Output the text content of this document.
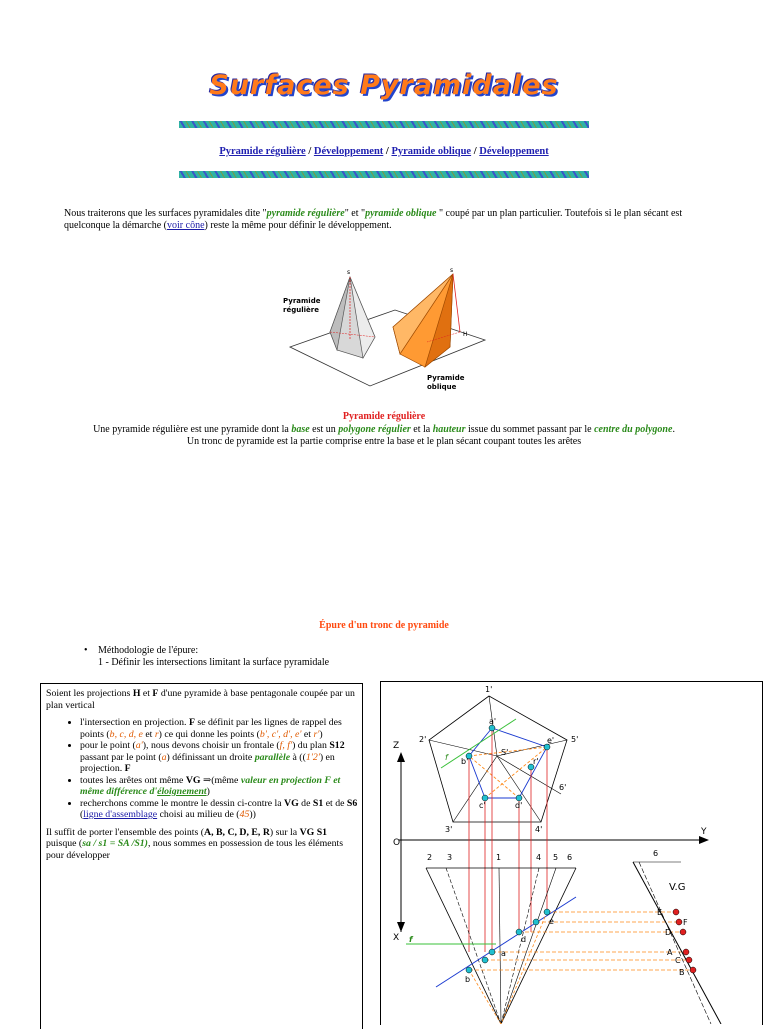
Surfaces Pyramidales
Pyramide régulière / Développement / Pyramide oblique / Développement
Nous traiterons que les surfaces pyramidales dite "pyramide régulière" et "pyramide oblique " coupé par un plan particulier. Toutefois si le plan sécant est quelconque la démarche (voir cône) reste la même pour définir le développement.
s	s
H
Pyramide
régulière
Pyramide
oblique
Pyramide régulière
Une pyramide régulière est une pyramide dont la base est un polygone régulier et la hauteur issue du sommet passant par le centre du polygone.
Un tronc de pyramide est la partie comprise entre la base et le plan sécant coupant toutes les arêtes
Épure d'un tronc de pyramide
• Méthodologie de l'épure:
1 - Définir les intersections limitant la surface pyramidale
Soient les projections H et F d'une pyramide à base pentagonale coupée par un plan vertical
• l'intersection en projection. F se définit par les lignes de rappel des points (b, c, d, e et r) ce qui donne les points (b', c', d', e' et r')
• pour le point (a'), nous devons choisir un frontale (f, f') du plan S12 passant par le point (a) définissant un droite parallèle à ((1'2') en projection. F
• toutes les arêtes ont même VG ⇒(même valeur en projection F et même différence d'éloignement)
• recherchons comme le montre le dessin ci-contre la VG de S1 et de S6 (ligne d'assemblage choisi au milieu de (45))
Il suffit de porter l'ensemble des points (A, B, C, D, E, R) sur la VG S1 puisque (sa / s1 = SA /S1), nous sommes en possession de tous les éléments pour développer
Z
Y
X
O
1'
2'
3'	4'
5'
6'
a'
b'
c'	d'
e'
r'
S'
f
2 3	1	4 5 6	6
f
b
d
e
a
V.G
E
F
D
A
C
B
